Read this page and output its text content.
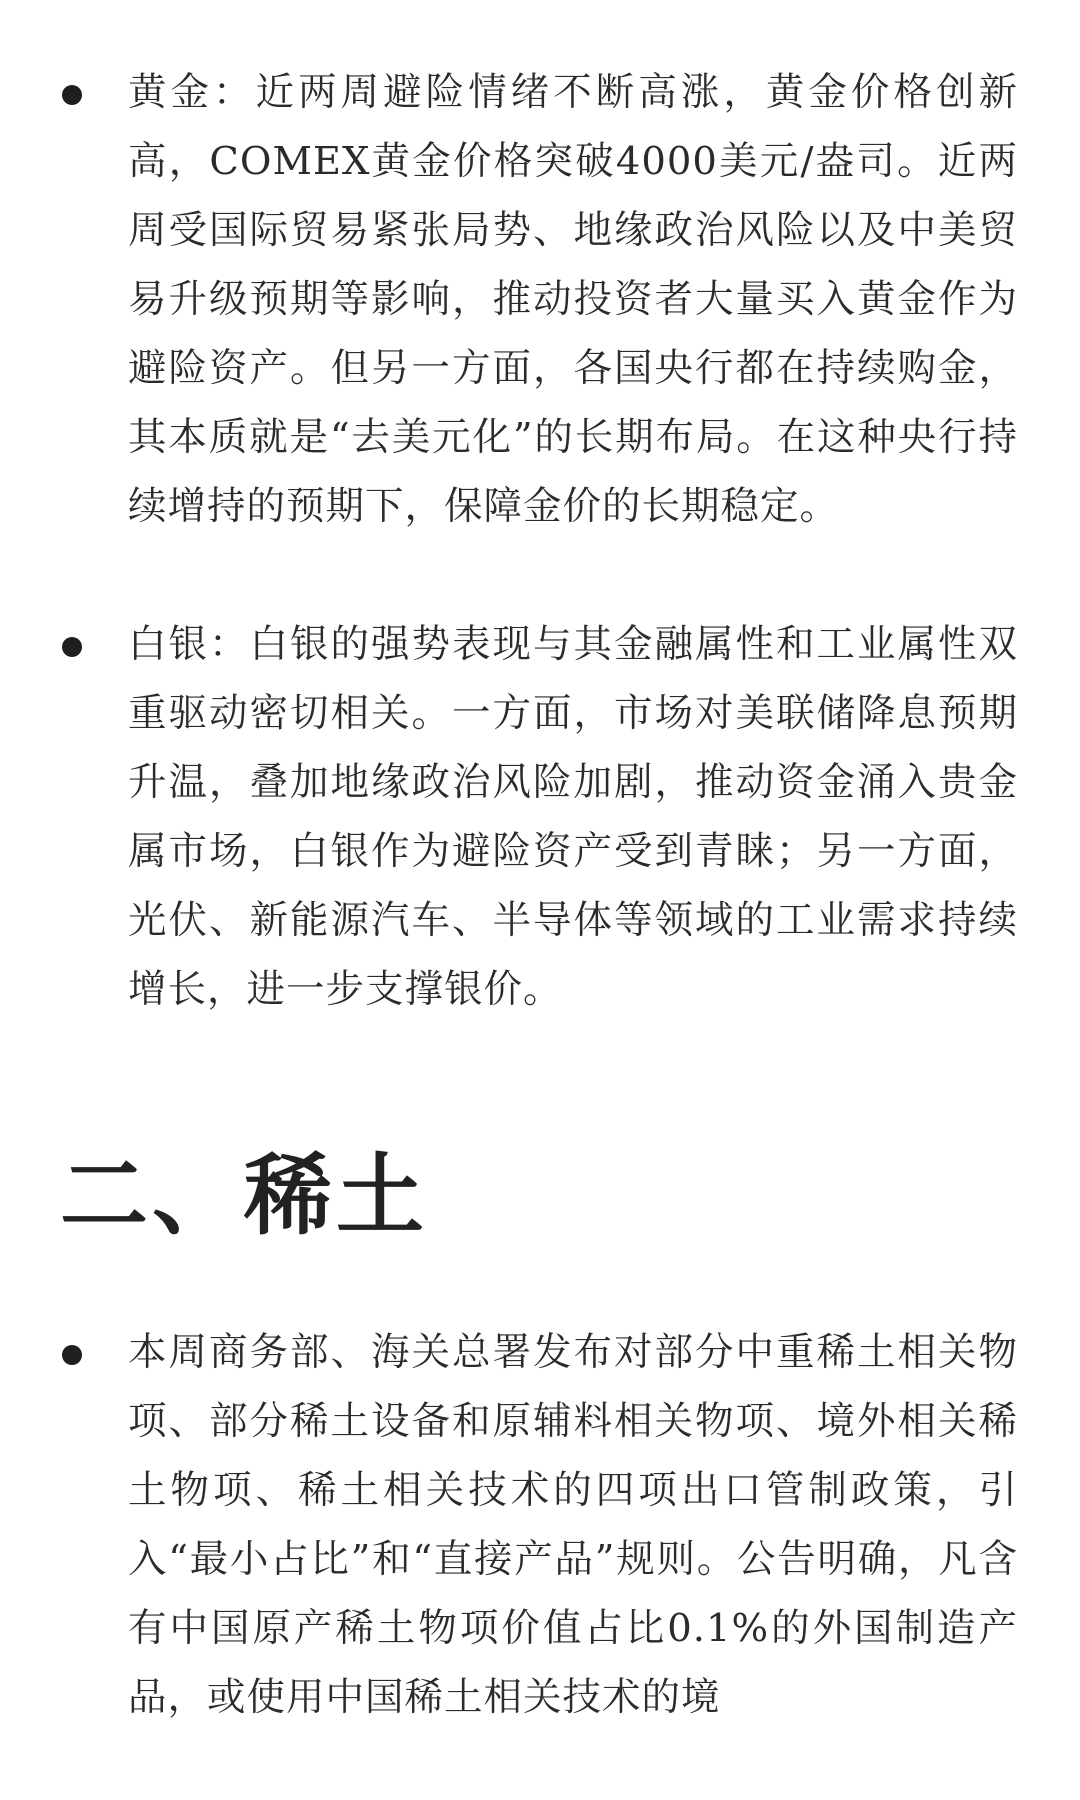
黄金：近两周避险情绪不断高涨，黄金价格创新高，COMEX黄金价格突破4000美元/盎司。近两周受国际贸易紧张局势、地缘政治风险以及中美贸易升级预期等影响，推动投资者大量买入黄金作为避险资产。但另一方面，各国央行都在持续购金，其本质就是“去美元化”的长期布局。在这种央行持续增持的预期下，保障金价的长期稳定。

白银：白银的强势表现与其金融属性和工业属性双重驱动密切相关。一方面，市场对美联储降息预期升温，叠加地缘政治风险加剧，推动资金涌入贵金属市场，白银作为避险资产受到青睐；另一方面，光伏、新能源汽车、半导体等领域的工业需求持续增长，进一步支撑银价。

二、稀土

本周商务部、海关总署发布对部分中重稀土相关物项、部分稀土设备和原辅料相关物项、境外相关稀土物项、稀土相关技术的四项出口管制政策，引入“最小占比”和“直接产品”规则。公告明确，凡含有中国原产稀土物项价值占比0.1%的外国制造产品，或使用中国稀土相关技术的境
